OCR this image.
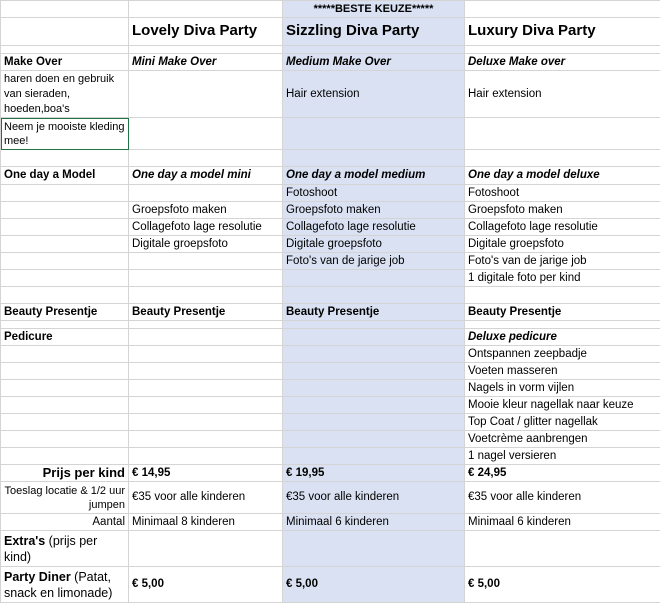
		*****BESTE KEUZE*****	
	Lovely Diva Party	Sizzling Diva Party	Luxury Diva Party

Make Over	Mini Make Over	Medium Make Over	Deluxe Make over
haren doen en gebruik van sieraden, hoeden,boa's		Hair extension	Hair extension
Neem je mooiste kleding mee!			

One day a Model	One day a model mini	One day a model medium	One day a model deluxe
		Fotoshoot	Fotoshoot
	Groepsfoto maken	Groepsfoto maken	Groepsfoto maken
	Collagefoto lage resolutie	Collagefoto lage resolutie	Collagefoto lage resolutie
	Digitale groepsfoto	Digitale groepsfoto	Digitale groepsfoto
		Foto's van de jarige job	Foto's van de jarige job
			1 digitale foto per kind

Beauty Presentje	Beauty Presentje	Beauty Presentje	Beauty Presentje

Pedicure			Deluxe pedicure
			Ontspannen zeepbadje
			Voeten masseren
			Nagels in vorm vijlen
			Mooie kleur nagellak naar keuze
			Top Coat / glitter nagellak
			Voetcrème aanbrengen
			1 nagel versieren
Prijs per kind	€ 14,95	€ 19,95	€ 24,95
Toeslag locatie & 1/2 uur jumpen	€35 voor alle kinderen	€35 voor alle kinderen	€35 voor alle kinderen
Aantal	Minimaal 8 kinderen	Minimaal 6 kinderen	Minimaal 6 kinderen
Extra's (prijs per kind)			
Party Diner (Patat, snack en limonade)	€ 5,00	€ 5,00	€ 5,00
